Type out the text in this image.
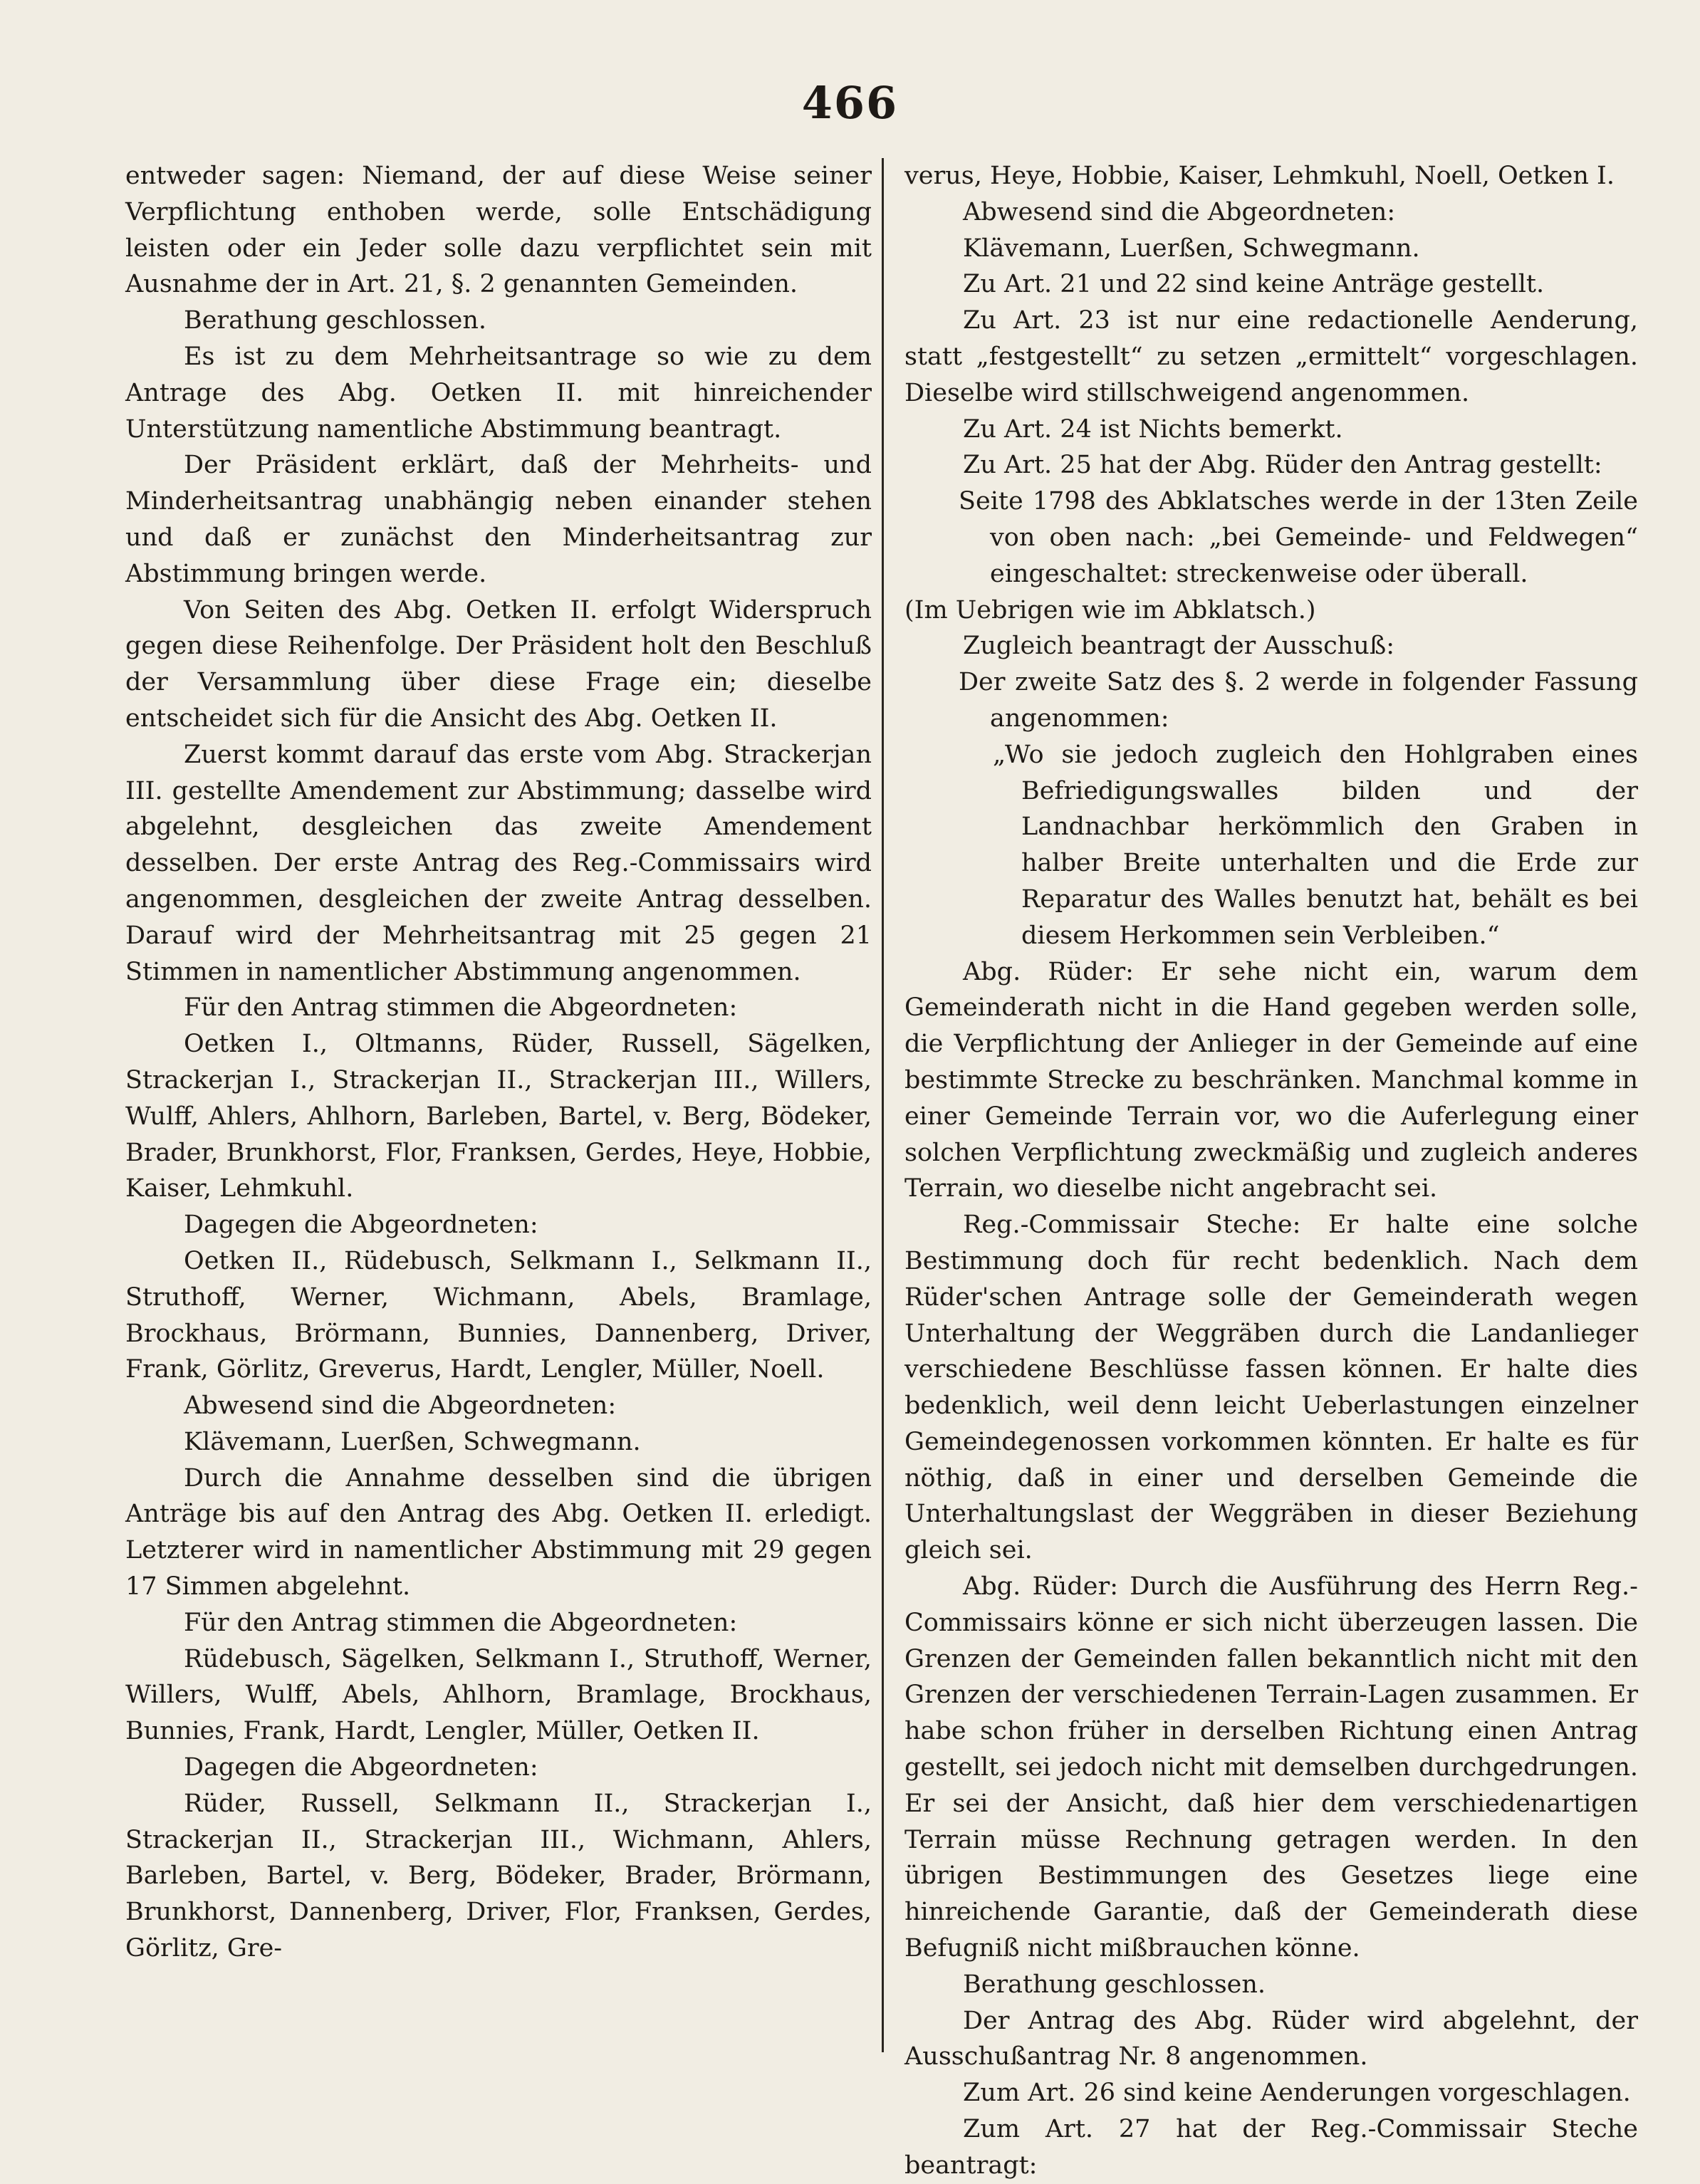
466

entweder sagen: Niemand, der auf diese Weise seiner Verpflichtung enthoben werde, solle Entschädigung leisten oder ein Jeder solle dazu verpflichtet sein mit Ausnahme der in Art. 21, §. 2 genannten Gemeinden.

Berathung geschlossen.

Es ist zu dem Mehrheitsantrage so wie zu dem Antrage des Abg. Oetken II. mit hinreichender Unterstützung namentliche Abstimmung beantragt.

Der Präsident erklärt, daß der Mehrheits- und Minderheitsantrag unabhängig neben einander stehen und daß er zunächst den Minderheitsantrag zur Abstimmung bringen werde.

Von Seiten des Abg. Oetken II. erfolgt Widerspruch gegen diese Reihenfolge. Der Präsident holt den Beschluß der Versammlung über diese Frage ein; dieselbe entscheidet sich für die Ansicht des Abg. Oetken II.

Zuerst kommt darauf das erste vom Abg. Strackerjan III. gestellte Amendement zur Abstimmung; dasselbe wird abgelehnt, desgleichen das zweite Amendement desselben. Der erste Antrag des Reg.-Commissairs wird angenommen, desgleichen der zweite Antrag desselben. Darauf wird der Mehrheitsantrag mit 25 gegen 21 Stimmen in namentlicher Abstimmung angenommen.

Für den Antrag stimmen die Abgeordneten:

Oetken I., Oltmanns, Rüder, Russell, Sägelken, Strackerjan I., Strackerjan II., Strackerjan III., Willers, Wulff, Ahlers, Ahlhorn, Barleben, Bartel, v. Berg, Bödeker, Brader, Brunkhorst, Flor, Franksen, Gerdes, Heye, Hobbie, Kaiser, Lehmkuhl.

Dagegen die Abgeordneten:

Oetken II., Rüdebusch, Selkmann I., Selkmann II., Struthoff, Werner, Wichmann, Abels, Bramlage, Brockhaus, Brörmann, Bunnies, Dannenberg, Driver, Frank, Görlitz, Greverus, Hardt, Lengler, Müller, Noell.

Abwesend sind die Abgeordneten:

Klävemann, Luerßen, Schwegmann.

Durch die Annahme desselben sind die übrigen Anträge bis auf den Antrag des Abg. Oetken II. erledigt. Letzterer wird in namentlicher Abstimmung mit 29 gegen 17 Simmen abgelehnt.

Für den Antrag stimmen die Abgeordneten:

Rüdebusch, Sägelken, Selkmann I., Struthoff, Werner, Willers, Wulff, Abels, Ahlhorn, Bramlage, Brockhaus, Bunnies, Frank, Hardt, Lengler, Müller, Oetken II.

Dagegen die Abgeordneten:

Rüder, Russell, Selkmann II., Strackerjan I., Strackerjan II., Strackerjan III., Wichmann, Ahlers, Barleben, Bartel, v. Berg, Bödeker, Brader, Brörmann, Brunkhorst, Dannenberg, Driver, Flor, Franksen, Gerdes, Görlitz, Gre-

verus, Heye, Hobbie, Kaiser, Lehmkuhl, Noell, Oetken I.

Abwesend sind die Abgeordneten:

Klävemann, Luerßen, Schwegmann.

Zu Art. 21 und 22 sind keine Anträge gestellt.

Zu Art. 23 ist nur eine redactionelle Aenderung, statt „festgestellt“ zu setzen „ermittelt“ vorgeschlagen. Dieselbe wird stillschweigend angenommen.

Zu Art. 24 ist Nichts bemerkt.

Zu Art. 25 hat der Abg. Rüder den Antrag gestellt:

Seite 1798 des Abklatsches werde in der 13ten Zeile von oben nach: „bei Gemeinde- und Feldwegen“ eingeschaltet: streckenweise oder überall.

(Im Uebrigen wie im Abklatsch.)

Zugleich beantragt der Ausschuß:

Der zweite Satz des §. 2 werde in folgender Fassung angenommen:

„Wo sie jedoch zugleich den Hohlgraben eines Befriedigungswalles bilden und der Landnachbar herkömmlich den Graben in halber Breite unterhalten und die Erde zur Reparatur des Walles benutzt hat, behält es bei diesem Herkommen sein Verbleiben.“

Abg. Rüder: Er sehe nicht ein, warum dem Gemeinderath nicht in die Hand gegeben werden solle, die Verpflichtung der Anlieger in der Gemeinde auf eine bestimmte Strecke zu beschränken. Manchmal komme in einer Gemeinde Terrain vor, wo die Auferlegung einer solchen Verpflichtung zweckmäßig und zugleich anderes Terrain, wo dieselbe nicht angebracht sei.

Reg.-Commissair Steche: Er halte eine solche Bestimmung doch für recht bedenklich. Nach dem Rüder'schen Antrage solle der Gemeinderath wegen Unterhaltung der Weggräben durch die Landanlieger verschiedene Beschlüsse fassen können. Er halte dies bedenklich, weil denn leicht Ueberlastungen einzelner Gemeindegenossen vorkommen könnten. Er halte es für nöthig, daß in einer und derselben Gemeinde die Unterhaltungslast der Weggräben in dieser Beziehung gleich sei.

Abg. Rüder: Durch die Ausführung des Herrn Reg.-Commissairs könne er sich nicht überzeugen lassen. Die Grenzen der Gemeinden fallen bekanntlich nicht mit den Grenzen der verschiedenen Terrain-Lagen zusammen. Er habe schon früher in derselben Richtung einen Antrag gestellt, sei jedoch nicht mit demselben durchgedrungen. Er sei der Ansicht, daß hier dem verschiedenartigen Terrain müsse Rechnung getragen werden. In den übrigen Bestimmungen des Gesetzes liege eine hinreichende Garantie, daß der Gemeinderath diese Befugniß nicht mißbrauchen könne.

Berathung geschlossen.

Der Antrag des Abg. Rüder wird abgelehnt, der Ausschußantrag Nr. 8 angenommen.

Zum Art. 26 sind keine Aenderungen vorgeschlagen.

Zum Art. 27 hat der Reg.-Commissair Steche beantragt:
